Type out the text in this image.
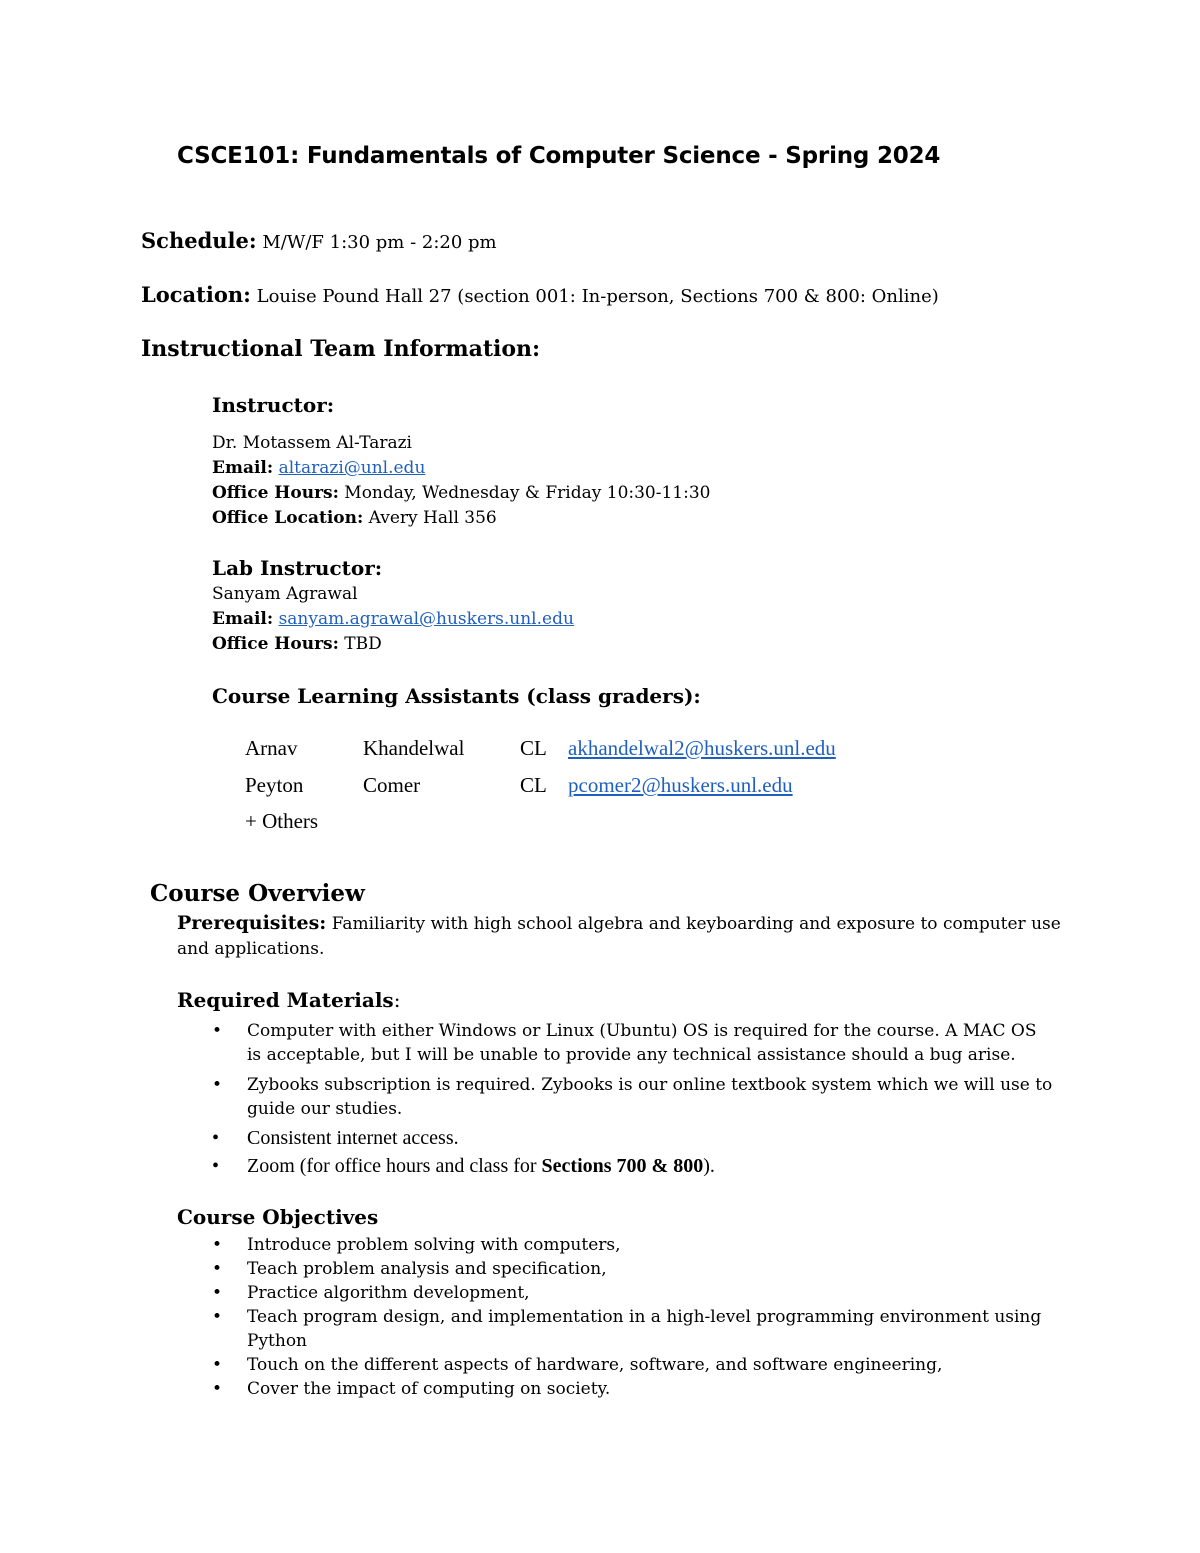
CSCE101: Fundamentals of Computer Science - Spring 2024
Schedule: M/W/F 1:30 pm - 2:20 pm
Location: Louise Pound Hall 27 (section 001: In-person, Sections 700 & 800: Online)
Instructional Team Information:
Instructor:
Dr. Motassem Al-Tarazi
Email: altarazi@unl.edu
Office Hours: Monday, Wednesday & Friday 10:30-11:30
Office Location: Avery Hall 356
Lab Instructor:
Sanyam Agrawal
Email: sanyam.agrawal@huskers.unl.edu
Office Hours: TBD
Course Learning Assistants (class graders):
Arnav	Khandelwal	CL akhandelwal2@huskers.unl.edu
Peyton	Comer	CL pcomer2@huskers.unl.edu
+ Others
Course Overview
Prerequisites: Familiarity with high school algebra and keyboarding and exposure to computer use
and applications.
Required Materials:
• Computer with either Windows or Linux (Ubuntu) OS is required for the course. A MAC OS
is acceptable, but I will be unable to provide any technical assistance should a bug arise.
• Zybooks subscription is required. Zybooks is our online textbook system which we will use to
guide our studies.
• Consistent internet access.
• Zoom (for office hours and class for Sections 700 & 800).
Course Objectives
• Introduce problem solving with computers,
• Teach problem analysis and specification,
• Practice algorithm development,
• Teach program design, and implementation in a high-level programming environment using
Python
• Touch on the different aspects of hardware, software, and software engineering,
• Cover the impact of computing on society.
